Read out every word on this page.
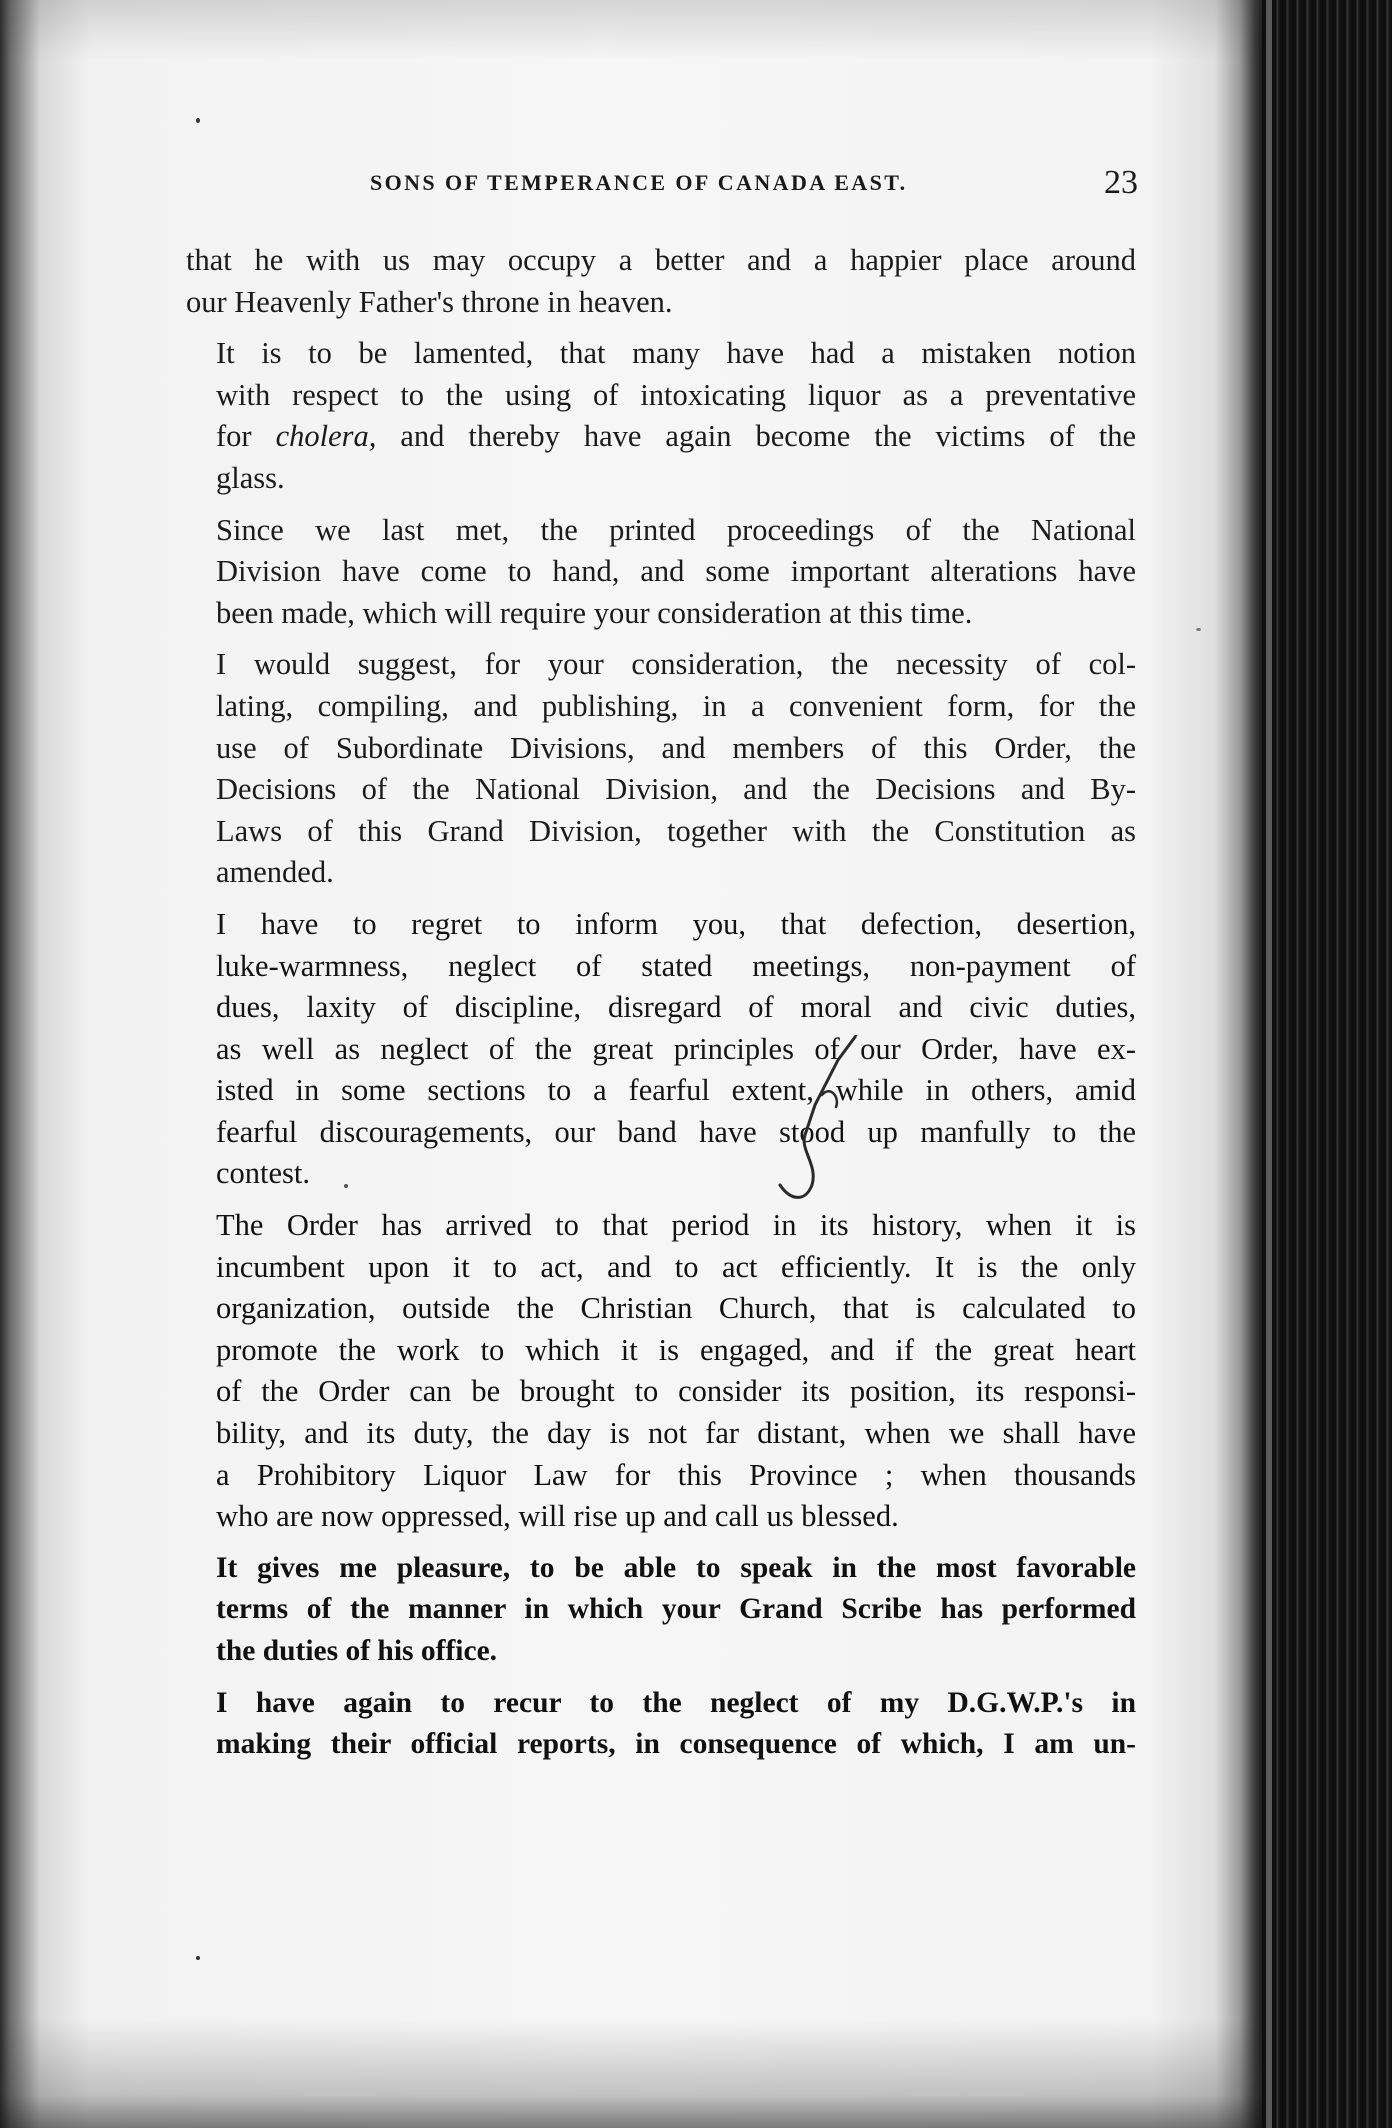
SONS OF TEMPERANCE OF CANADA EAST.	23

that he with us may occupy a better and a happier place around
our Heavenly Father's throne in heaven.

It is to be lamented, that many have had a mistaken notion
with respect to the using of intoxicating liquor as a preventative
for cholera, and thereby have again become the victims of the
glass.

Since we last met, the printed proceedings of the National
Division have come to hand, and some important alterations have
been made, which will require your consideration at this time.

I would suggest, for your consideration, the necessity of col-
lating, compiling, and publishing, in a convenient form, for the
use of Subordinate Divisions, and members of this Order, the
Decisions of the National Division, and the Decisions and By-
Laws of this Grand Division, together with the Constitution as
amended.

I have to regret to inform you, that defection, desertion,
luke-warmness, neglect of stated meetings, non-payment of
dues, laxity of discipline, disregard of moral and civic duties,
as well as neglect of the great principles of our Order, have ex-
isted in some sections to a fearful extent, while in others, amid
fearful discouragements, our band have stood up manfully to the
contest.

The Order has arrived to that period in its history, when it is
incumbent upon it to act, and to act efficiently. It is the only
organization, outside the Christian Church, that is calculated to
promote the work to which it is engaged, and if the great heart
of the Order can be brought to consider its position, its responsi-
bility, and its duty, the day is not far distant, when we shall have
a Prohibitory Liquor Law for this Province ; when thousands
who are now oppressed, will rise up and call us blessed.

It gives me pleasure, to be able to speak in the most favorable
terms of the manner in which your Grand Scribe has performed
the duties of his office.

I have again to recur to the neglect of my D.G.W.P.'s in
making their official reports, in consequence of which, I am un-
